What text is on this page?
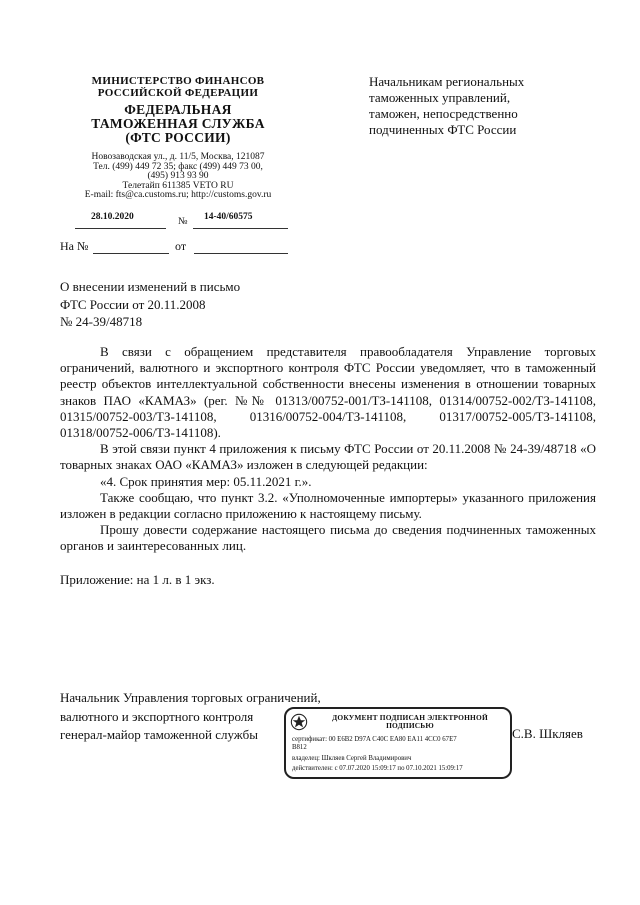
МИНИСТЕРСТВО ФИНАНСОВ
РОССИЙСКОЙ ФЕДЕРАЦИИ
ФЕДЕРАЛЬНАЯ
ТАМОЖЕННАЯ СЛУЖБА
(ФТС РОССИИ)
Новозаводская ул., д. 11/5, Москва, 121087
Тел. (499) 449 72 35; факс (499) 449 73 00,
(495) 913 93 90
Телетайп 611385 VETO RU
E-mail: fts@ca.customs.ru; http://customs.gov.ru
28.10.2020	№ 14-40/60575
На №	от
Начальникам региональных
таможенных управлений,
таможен, непосредственно
подчиненных ФТС России
О внесении изменений в письмо
ФТС России от 20.11.2008
№ 24-39/48718

В связи с обращением представителя правообладателя Управление торговых ограничений, валютного и экспортного контроля ФТС России уведомляет, что в таможенный реестр объектов интеллектуальной собственности внесены изменения в отношении товарных знаков ПАО «КАМАЗ» (рег. №№ 01313/00752-001/ТЗ-141108, 01314/00752-002/ТЗ-141108, 01315/00752-003/ТЗ-141108, 01316/00752-004/ТЗ-141108, 01317/00752-005/ТЗ-141108, 01318/00752-006/ТЗ-141108).

В этой связи пункт 4 приложения к письму ФТС России от 20.11.2008 № 24-39/48718 «О товарных знаках ОАО «КАМАЗ» изложен в следующей редакции:

«4. Срок принятия мер: 05.11.2021 г.».

Также сообщаю, что пункт 3.2. «Уполномоченные импортеры» указанного приложения изложен в редакции согласно приложению к настоящему письму.

Прошу довести содержание настоящего письма до сведения подчиненных таможенных органов и заинтересованных лиц.

Приложение: на 1 л. в 1 экз.

Начальник Управления торговых ограничений,
валютного и экспортного контроля
генерал-майор таможенной службы	С.В. Шкляев
ДОКУМЕНТ ПОДПИСАН ЭЛЕКТРОННОЙ ПОДПИСЬЮ
сертификат: 00 E6B2 D97A C40C EA80 EA11 4CC0 67E7
B812
владелец: Шкляев Сергей Владимирович
действителен: с 07.07.2020 15:09:17 по 07.10.2021 15:09:17
